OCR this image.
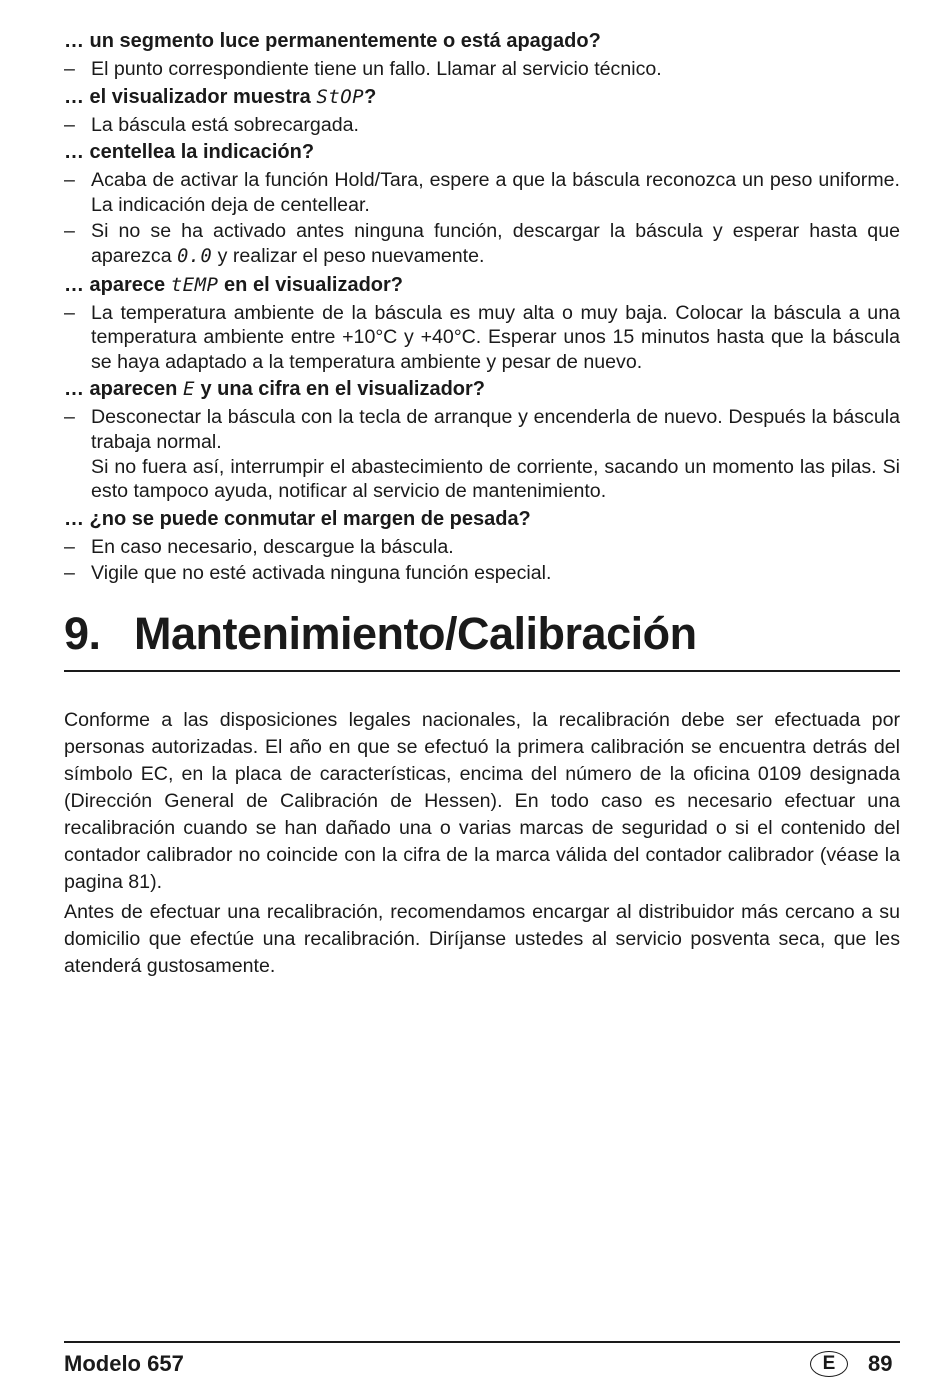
… un segmento luce permanentemente o está apagado?

– El punto correspondiente tiene un fallo. Llamar al servicio técnico.

… el visualizador muestra StOP?

– La báscula está sobrecargada.

… centellea la indicación?

– Acaba de activar la función Hold/Tara, espere a que la báscula reconozca un peso uniforme. La indicación deja de centellear.

– Si no se ha activado antes ninguna función, descargar la báscula y esperar hasta que aparezca 0.0 y realizar el peso nuevamente.

… aparece tEMP en el visualizador?

– La temperatura ambiente de la báscula es muy alta o muy baja. Colocar la báscula a una temperatura ambiente entre +10°C y +40°C. Esperar unos 15 minutos hasta que la báscula se haya adaptado a la temperatura ambiente y pesar de nuevo.

… aparecen E y una cifra en el visualizador?

– Desconectar la báscula con la tecla de arranque y encenderla de nuevo. Después la báscula trabaja normal.

Si no fuera así, interrumpir el abastecimiento de corriente, sacando un momento las pilas. Si esto tampoco ayuda, notificar al servicio de mantenimiento.

… ¿no se puede conmutar el margen de pesada?

– En caso necesario, descargue la báscula.

– Vigile que no esté activada ninguna función especial.

9. Mantenimiento/Calibración

Conforme a las disposiciones legales nacionales, la recalibración debe ser efectuada por personas autorizadas. El año en que se efectuó la primera calibración se encuentra detrás del símbolo EC, en la placa de características, encima del número de la oficina 0109 designada (Dirección General de Calibración de Hessen). En todo caso es necesario efectuar una recalibración cuando se han dañado una o varias marcas de seguridad o si el contenido del contador calibrador no coincide con la cifra de la marca válida del contador calibrador (véase la pagina 81).

Antes de efectuar una recalibración, recomendamos encargar al distribuidor más cercano a su domicilio que efectúe una recalibración. Diríjanse ustedes al servicio posventa seca, que les atenderá gustosamente.

Modelo 657	E	89
